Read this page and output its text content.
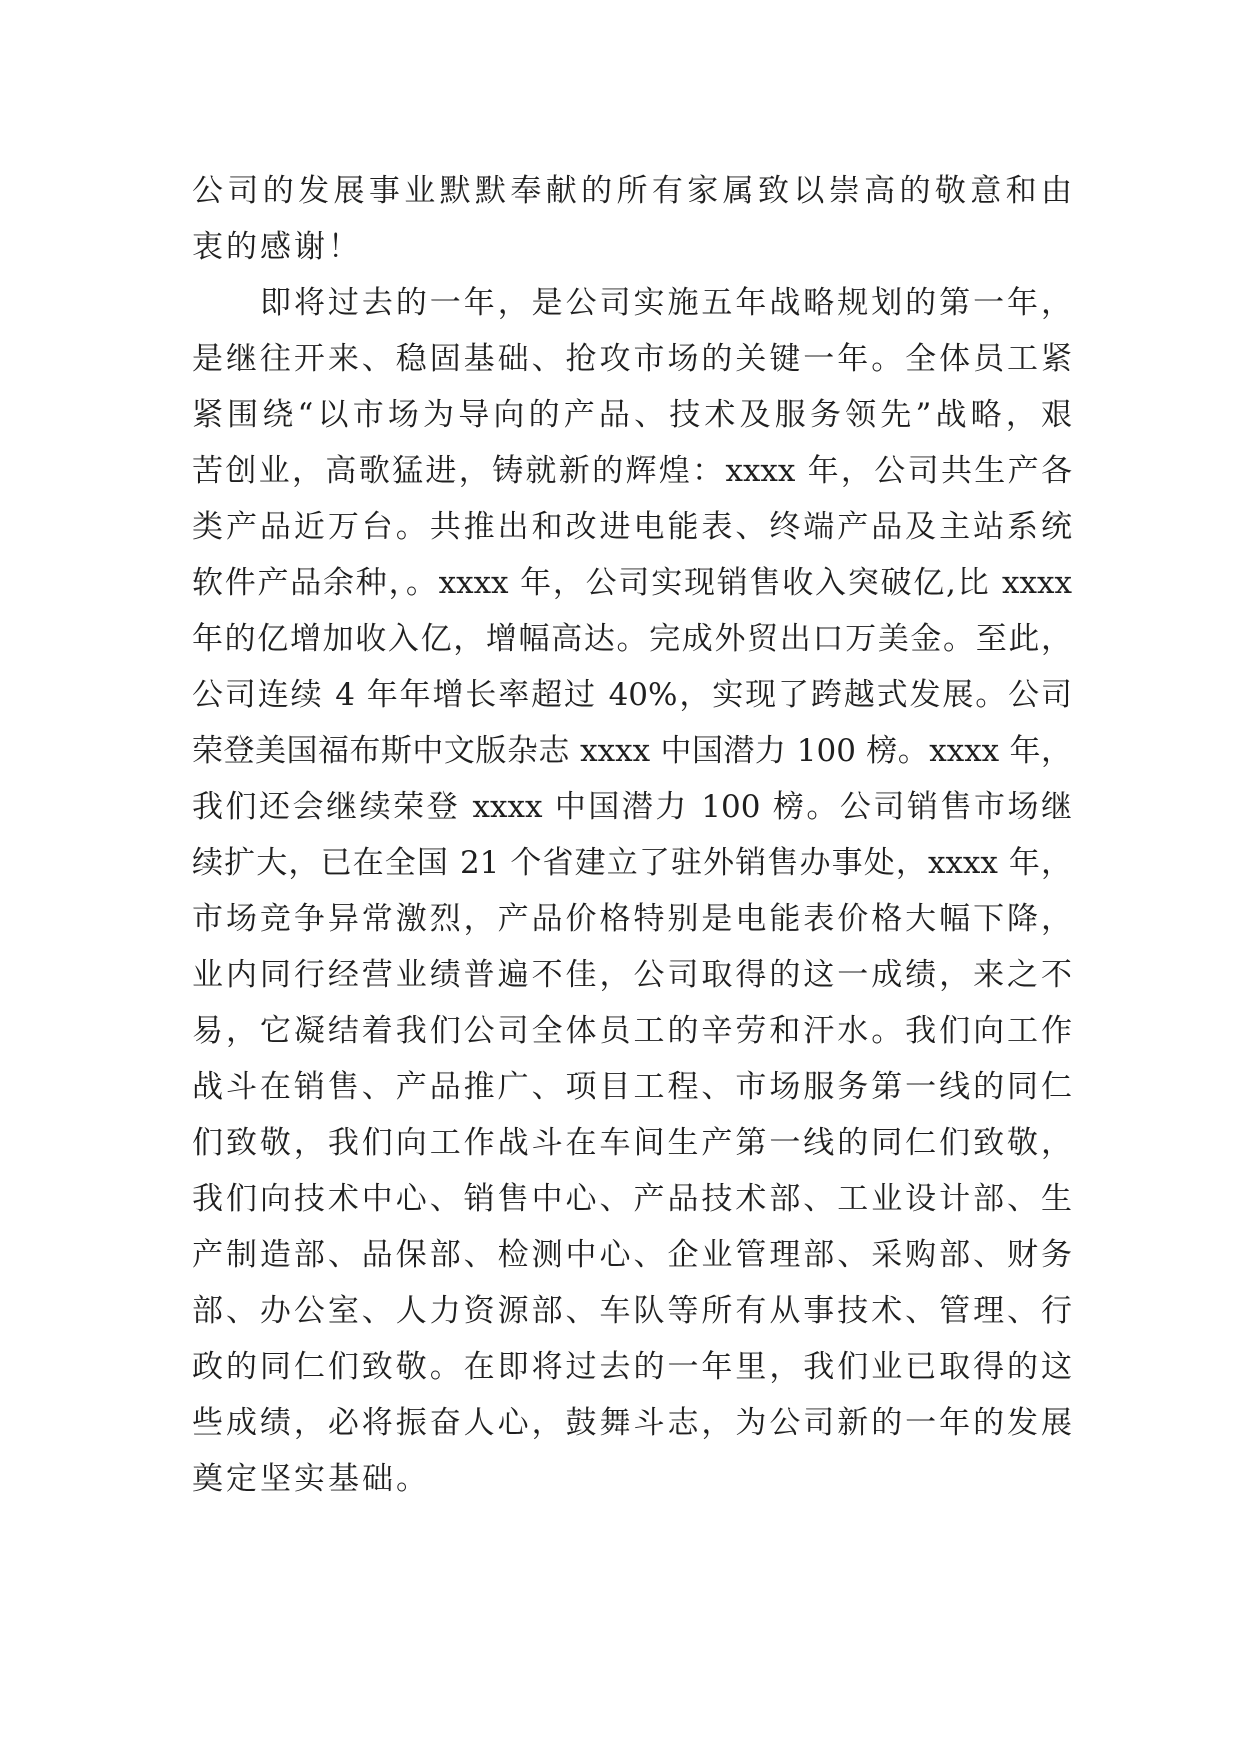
公司的发展事业默默奉献的所有家属致以崇高的敬意和由
衷的感谢！
即将过去的一年，是公司实施五年战略规划的第一年，
是继往开来、稳固基础、抢攻市场的关键一年。全体员工紧
紧围绕“以市场为导向的产品、技术及服务领先”战略，艰
苦创业，高歌猛进，铸就新的辉煌：xxxx 年，公司共生产各
类产品近万台。共推出和改进电能表、终端产品及主站系统
软件产品余种，。xxxx 年，公司实现销售收入突破亿,比 xxxx
年的亿增加收入亿，增幅高达。完成外贸出口万美金。至此，
公司连续 4 年年增长率超过 40%，实现了跨越式发展。公司
荣登美国福布斯中文版杂志 xxxx 中国潜力 100 榜。xxxx 年，
我们还会继续荣登 xxxx 中国潜力 100 榜。公司销售市场继
续扩大，已在全国 21 个省建立了驻外销售办事处，xxxx 年，
市场竞争异常激烈，产品价格特别是电能表价格大幅下降，
业内同行经营业绩普遍不佳，公司取得的这一成绩，来之不
易，它凝结着我们公司全体员工的辛劳和汗水。我们向工作
战斗在销售、产品推广、项目工程、市场服务第一线的同仁
们致敬，我们向工作战斗在车间生产第一线的同仁们致敬，
我们向技术中心、销售中心、产品技术部、工业设计部、生
产制造部、品保部、检测中心、企业管理部、采购部、财务
部、办公室、人力资源部、车队等所有从事技术、管理、行
政的同仁们致敬。在即将过去的一年里，我们业已取得的这
些成绩，必将振奋人心，鼓舞斗志，为公司新的一年的发展
奠定坚实基础。
